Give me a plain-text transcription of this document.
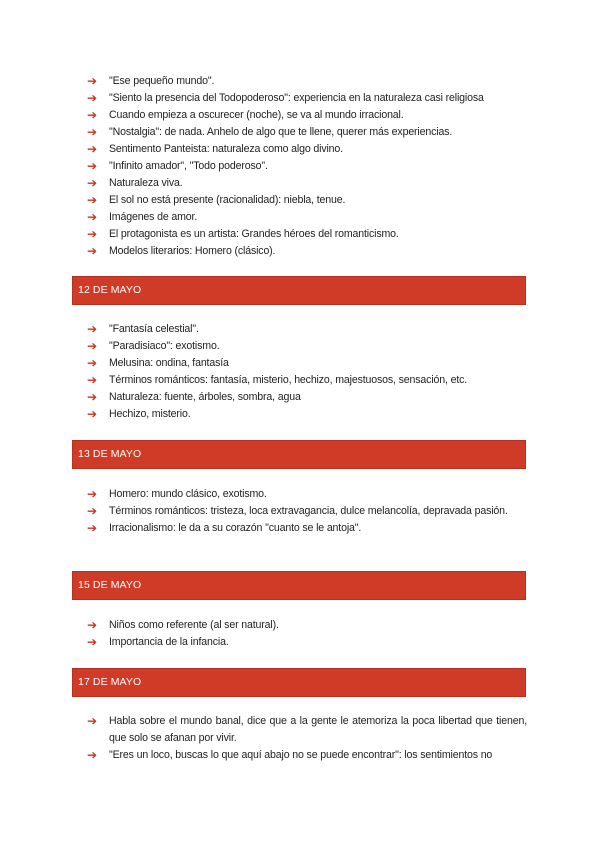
➔ "Ese pequeño mundo".
➔ "Siento la presencia del Todopoderoso": experiencia en la naturaleza casi religiosa
➔ Cuando empieza a oscurecer (noche), se va al mundo irracional.
➔ "Nostalgia": de nada. Anhelo de algo que te llene, querer más experiencias.
➔ Sentimento Panteista: naturaleza como algo divino.
➔ "Infinito amador", "Todo poderoso".
➔ Naturaleza viva.
➔ El sol no está presente (racionalidad): niebla, tenue.
➔ Imágenes de amor.
➔ El protagonista es un artista: Grandes héroes del romanticismo.
➔ Modelos literarios: Homero (clásico).
12 DE MAYO
➔ "Fantasía celestial".
➔ "Paradisiaco": exotismo.
➔ Melusina: ondina, fantasía
➔ Términos románticos: fantasía, misterio, hechizo, majestuosos, sensación, etc.
➔ Naturaleza: fuente, árboles, sombra, agua
➔ Hechizo, misterio.
13 DE MAYO
➔ Homero: mundo clásico, exotismo.
➔ Términos románticos: tristeza, loca extravagancia, dulce melancolía, depravada pasión.
➔ Irracionalismo: le da a su corazón "cuanto se le antoja".
15 DE MAYO
➔ Niños como referente (al ser natural).
➔ Importancia de la infancia.
17 DE MAYO
➔ Habla sobre el mundo banal, dice que a la gente le atemoriza la poca libertad que tienen, que solo se afanan por vivir.
➔ "Eres un loco, buscas lo que aquí abajo no se puede encontrar": los sentimientos no
